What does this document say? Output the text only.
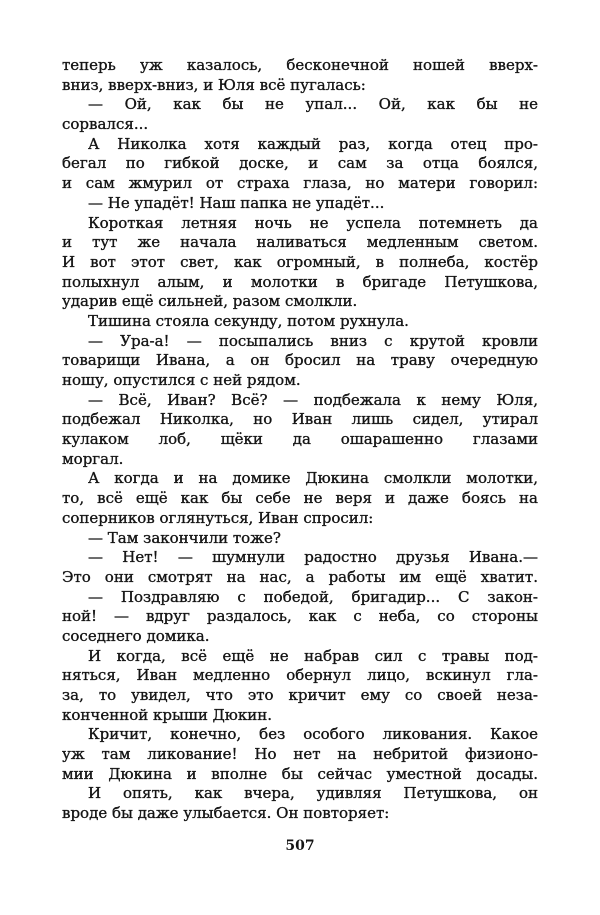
теперь уж казалось, бесконечной ношей вверх-
вниз, вверх-вниз, и Юля всё пугалась:
— Ой, как бы не упал... Ой, как бы не
сорвался...
А Николка хотя каждый раз, когда отец про-
бегал по гибкой доске, и сам за отца боялся,
и сам жмурил от страха глаза, но матери говорил:
— Не упадёт! Наш папка не упадёт...
Короткая летняя ночь не успела потемнеть да
и тут же начала наливаться медленным светом.
И вот этот свет, как огромный, в полнеба, костёр
полыхнул алым, и молотки в бригаде Петушкова,
ударив ещё сильней, разом смолкли.
Тишина стояла секунду, потом рухнула.
— Ура-а! — посыпались вниз с крутой кровли
товарищи Ивана, а он бросил на траву очередную
ношу, опустился с ней рядом.
— Всё, Иван? Всё? — подбежала к нему Юля,
подбежал Николка, но Иван лишь сидел, утирал
кулаком лоб, щёки да ошарашенно глазами
моргал.
А когда и на домике Дюкина смолкли молотки,
то, всё ещё как бы себе не веря и даже боясь на
соперников оглянуться, Иван спросил:
— Там закончили тоже?
— Нет! — шумнули радостно друзья Ивана.—
Это они смотрят на нас, а работы им ещё хватит.
— Поздравляю с победой, бригадир... С закон-
ной! — вдруг раздалось, как с неба, со стороны
соседнего домика.
И когда, всё ещё не набрав сил с травы под-
няться, Иван медленно обернул лицо, вскинул гла-
за, то увидел, что это кричит ему со своей неза-
конченной крыши Дюкин.
Кричит, конечно, без особого ликования. Какое
уж там ликование! Но нет на небритой физионо-
мии Дюкина и вполне бы сейчас уместной досады.
И опять, как вчера, удивляя Петушкова, он
вроде бы даже улыбается. Он повторяет:
507
